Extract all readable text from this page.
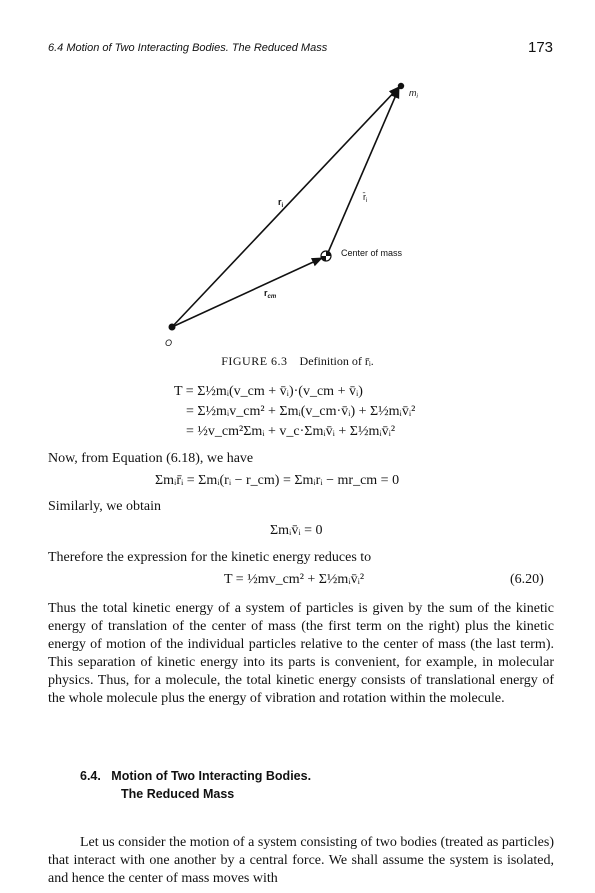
6.4 Motion of Two Interacting Bodies. The Reduced Mass	173
$m_i$
$r_i$
$r̄_i$
Center of mass
$r_{cm}$
O
FIGURE 6.3 Definition of r̄ᵢ.
T = Σ½mᵢ(v_cm + v̄ᵢ)·(v_cm + v̄ᵢ)
= Σ½mᵢv_cm² + Σmᵢ(v_cm·v̄ᵢ) + Σ½mᵢv̄ᵢ²
= ½v_cm²Σmᵢ + v_c·Σmᵢv̄ᵢ + Σ½mᵢv̄ᵢ²
Now, from Equation (6.18), we have
Σmᵢr̄ᵢ = Σmᵢ(rᵢ − r_cm) = Σmᵢrᵢ − mr_cm = 0
Similarly, we obtain
Σmᵢv̄ᵢ = 0
Therefore the expression for the kinetic energy reduces to
T = ½mv_cm² + Σ½mᵢv̄ᵢ²	(6.20)
Thus the total kinetic energy of a system of particles is given by the sum of the kinetic energy of translation of the center of mass (the first term on the right) plus the kinetic energy of motion of the individual particles relative to the center of mass (the last term). This separation of kinetic energy into its parts is convenient, for example, in molecular physics. Thus, for a molecule, the total kinetic energy consists of translational energy of the whole molecule plus the energy of vibration and rotation within the molecule.
6.4. Motion of Two Interacting Bodies.
The Reduced Mass
Let us consider the motion of a system consisting of two bodies (treated as particles) that interact with one another by a central force. We shall assume the system is isolated, and hence the center of mass moves with
